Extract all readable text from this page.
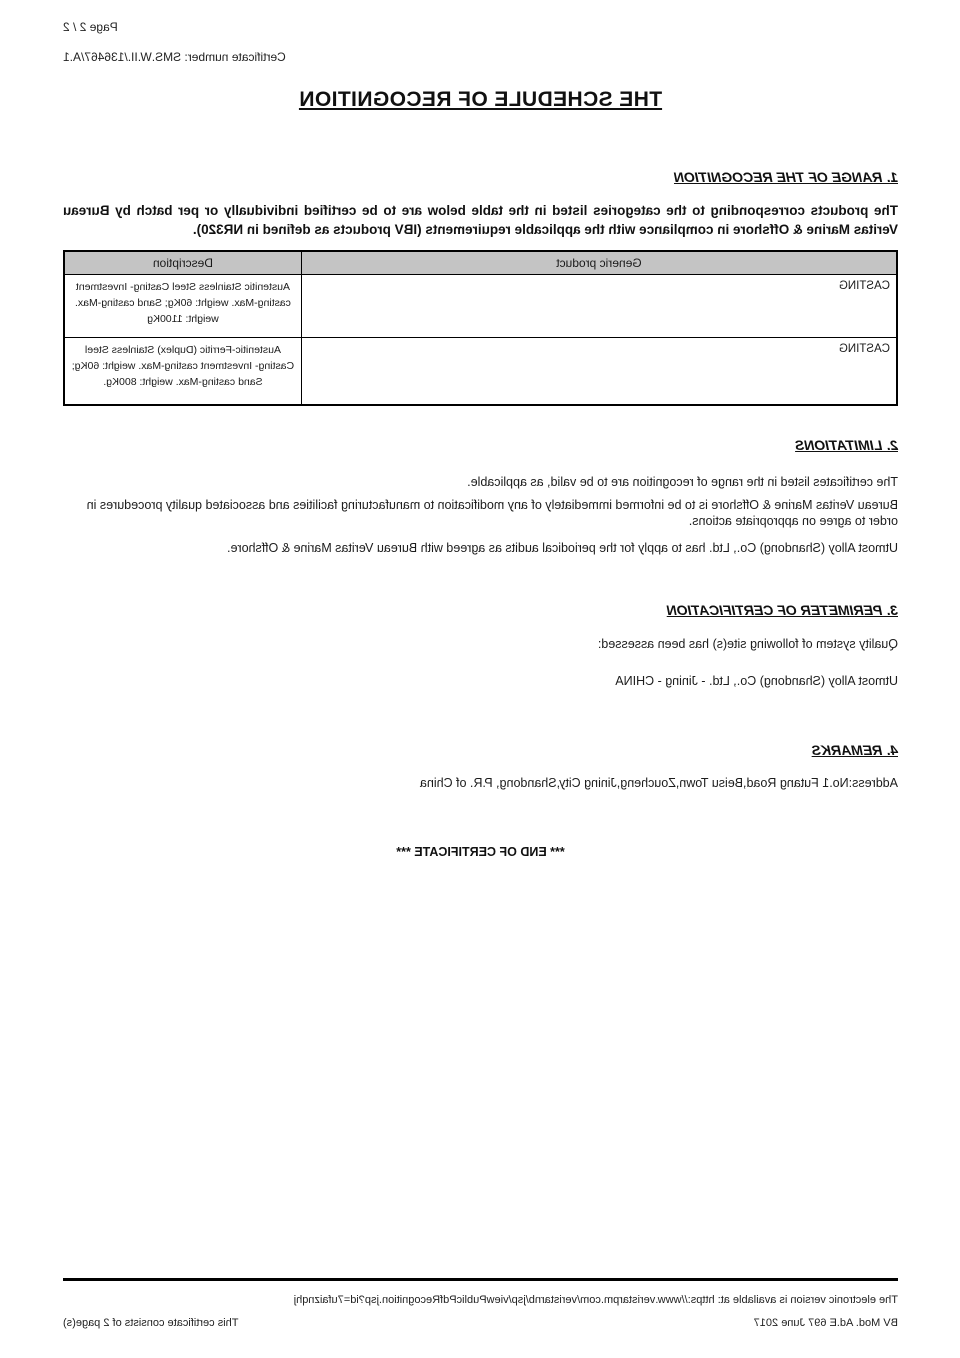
Page 2 / 2
Certificate number: SMS.W.II./136467/A.1
THE SCHEDULE OF RECOGNITION
1. RANGE OF THE RECOGNITION
The products corresponding to the categories listed in the table below are to be certified individually or per batch by Bureau Veritas Marine & Offshore in compliance with the applicable requirements (IBV products as defined in NR320).
Generic product	Description
CASTING	Austenitic Stainless Steel Casting- Investment casting-Max. weight: 60Kg; Sand casting-Max. weight: 1100Kg
CASTING	Austenitic-Ferritic (Duplex) Stainless Steel Casting- Investment casting-Max. weight: 60Kg; Sand casting-Max. weight: 800Kg.
2. LIMITATIONS
The certificates listed in the range of recognition are to be valid, as applicable.
Bureau Veritas Marine & Offshore is to be informed immediately of any modification to manufacturing facilities and associated quality procedures in order to agree on appropriate actions.
Utmost Alloy (Shandong) Co., Ltd. has to apply for the periodical audits as agreed with Bureau Veritas Marine & Offshore.
3. PERIMETER OF CERTIFICATION
Quality system of following site(s) has been assessed:
Utmost Alloy (Shandong) Co., Ltd. - Jining - CHINA
4. REMARKS
Address:No.1 Futang Road,Beisu Town,Zoucheng,Jining City,Shandong, P.R. of China
*** END OF CERTIFICATE ***
The electronic version is available at: https://www.veristarpm.com/veristarnb/jsp/viewPublicPdfRecognition.jsp?id=7ufaiznqhj
BV Mod. Ad.E 697 June 2017
This certificate consists of 2 page(s)
